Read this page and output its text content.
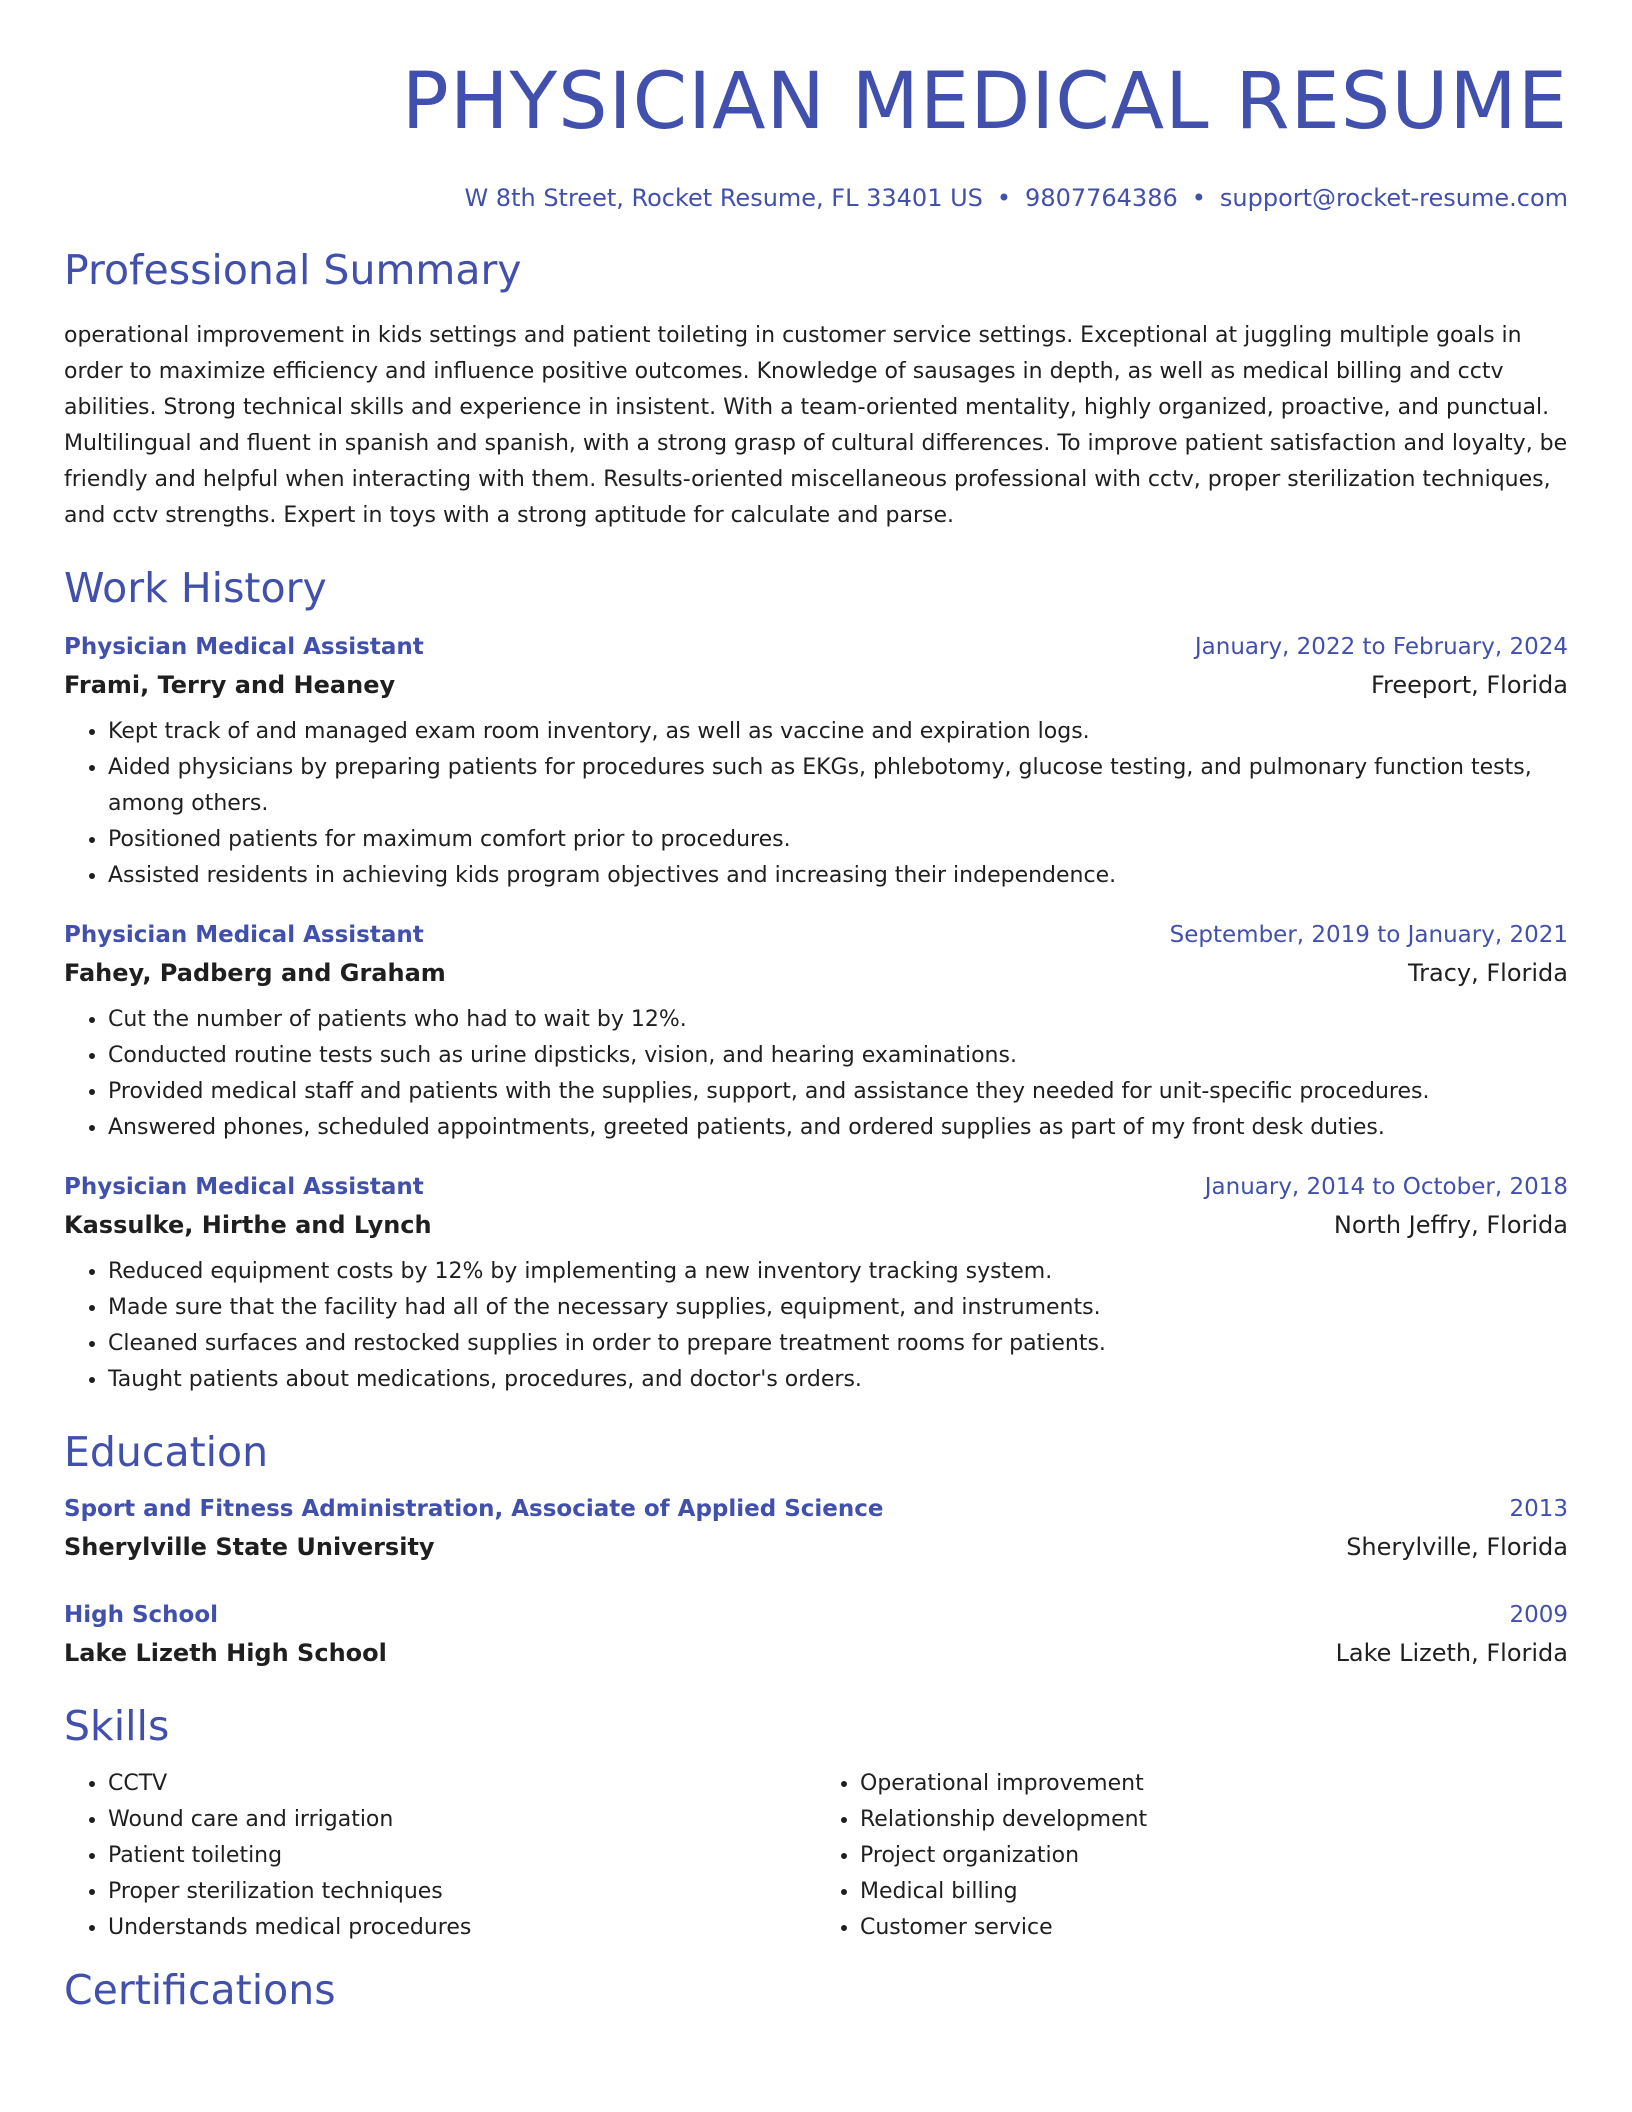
PHYSICIAN MEDICAL RESUME
W 8th Street, Rocket Resume, FL 33401 US • 9807764386 • support@rocket-resume.com
Professional Summary

operational improvement in kids settings and patient toileting in customer service settings. Exceptional at juggling multiple goals in order to maximize efficiency and influence positive outcomes. Knowledge of sausages in depth, as well as medical billing and cctv abilities. Strong technical skills and experience in insistent. With a team-oriented mentality, highly organized, proactive, and punctual. Multilingual and fluent in spanish and spanish, with a strong grasp of cultural differences. To improve patient satisfaction and loyalty, be friendly and helpful when interacting with them. Results-oriented miscellaneous professional with cctv, proper sterilization techniques, and cctv strengths. Expert in toys with a strong aptitude for calculate and parse.

Work History
Physician Medical Assistant	January, 2022 to February, 2024
Frami, Terry and Heaney	Freeport, Florida
• Kept track of and managed exam room inventory, as well as vaccine and expiration logs.
• Aided physicians by preparing patients for procedures such as EKGs, phlebotomy, glucose testing, and pulmonary function tests, among others.
• Positioned patients for maximum comfort prior to procedures.
• Assisted residents in achieving kids program objectives and increasing their independence.
Physician Medical Assistant	September, 2019 to January, 2021
Fahey, Padberg and Graham	Tracy, Florida
• Cut the number of patients who had to wait by 12%.
• Conducted routine tests such as urine dipsticks, vision, and hearing examinations.
• Provided medical staff and patients with the supplies, support, and assistance they needed for unit-specific procedures.
• Answered phones, scheduled appointments, greeted patients, and ordered supplies as part of my front desk duties.
Physician Medical Assistant	January, 2014 to October, 2018
Kassulke, Hirthe and Lynch	North Jeffry, Florida
• Reduced equipment costs by 12% by implementing a new inventory tracking system.
• Made sure that the facility had all of the necessary supplies, equipment, and instruments.
• Cleaned surfaces and restocked supplies in order to prepare treatment rooms for patients.
• Taught patients about medications, procedures, and doctor's orders.
Education
Sport and Fitness Administration, Associate of Applied Science	2013
Sherylville State University	Sherylville, Florida
High School	2009
Lake Lizeth High School	Lake Lizeth, Florida
Skills
• CCTV
• Wound care and irrigation
• Patient toileting
• Proper sterilization techniques
• Understands medical procedures
• Operational improvement
• Relationship development
• Project organization
• Medical billing
• Customer service
Certifications
